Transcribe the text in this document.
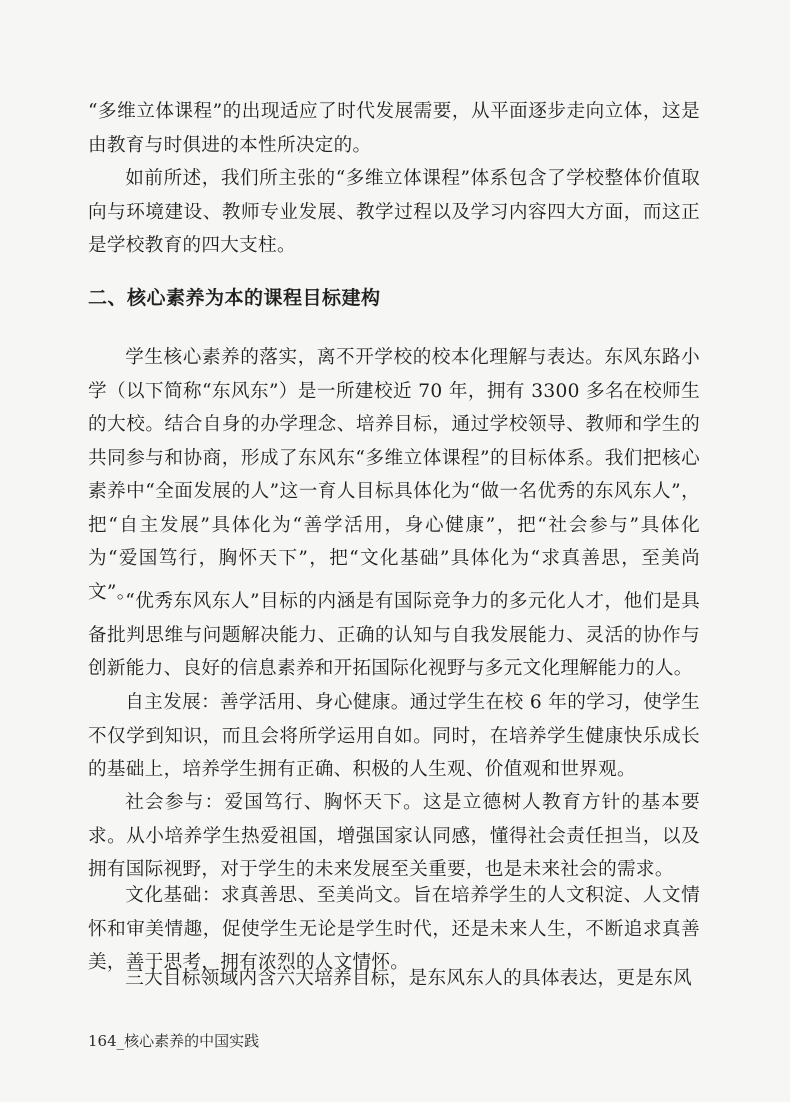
“多维立体课程”的出现适应了时代发展需要，从平面逐步走向立体，这是由教育与时俱进的本性所决定的。

如前所述，我们所主张的“多维立体课程”体系包含了学校整体价值取向与环境建设、教师专业发展、教学过程以及学习内容四大方面，而这正是学校教育的四大支柱。

二、核心素养为本的课程目标建构

学生核心素养的落实，离不开学校的校本化理解与表达。东风东路小学（以下简称“东风东”）是一所建校近 70 年，拥有 3300 多名在校师生的大校。结合自身的办学理念、培养目标，通过学校领导、教师和学生的共同参与和协商，形成了东风东“多维立体课程”的目标体系。我们把核心素养中“全面发展的人”这一育人目标具体化为“做一名优秀的东风东人”，把“自主发展”具体化为“善学活用，身心健康”，把“社会参与”具体化为“爱国笃行，胸怀天下”，把“文化基础”具体化为“求真善思，至美尚文”。

“优秀东风东人”目标的内涵是有国际竞争力的多元化人才，他们是具备批判思维与问题解决能力、正确的认知与自我发展能力、灵活的协作与创新能力、良好的信息素养和开拓国际化视野与多元文化理解能力的人。

自主发展：善学活用、身心健康。通过学生在校 6 年的学习，使学生不仅学到知识，而且会将所学运用自如。同时，在培养学生健康快乐成长的基础上，培养学生拥有正确、积极的人生观、价值观和世界观。

社会参与：爱国笃行、胸怀天下。这是立德树人教育方针的基本要求。从小培养学生热爱祖国，增强国家认同感，懂得社会责任担当，以及拥有国际视野，对于学生的未来发展至关重要，也是未来社会的需求。

文化基础：求真善思、至美尚文。旨在培养学生的人文积淀、人文情怀和审美情趣，促使学生无论是学生时代，还是未来人生，不断追求真善美，善于思考，拥有浓烈的人文情怀。

三大目标领域内含六大培养目标，是东风东人的具体表达，更是东风

164_核心素养的中国实践
